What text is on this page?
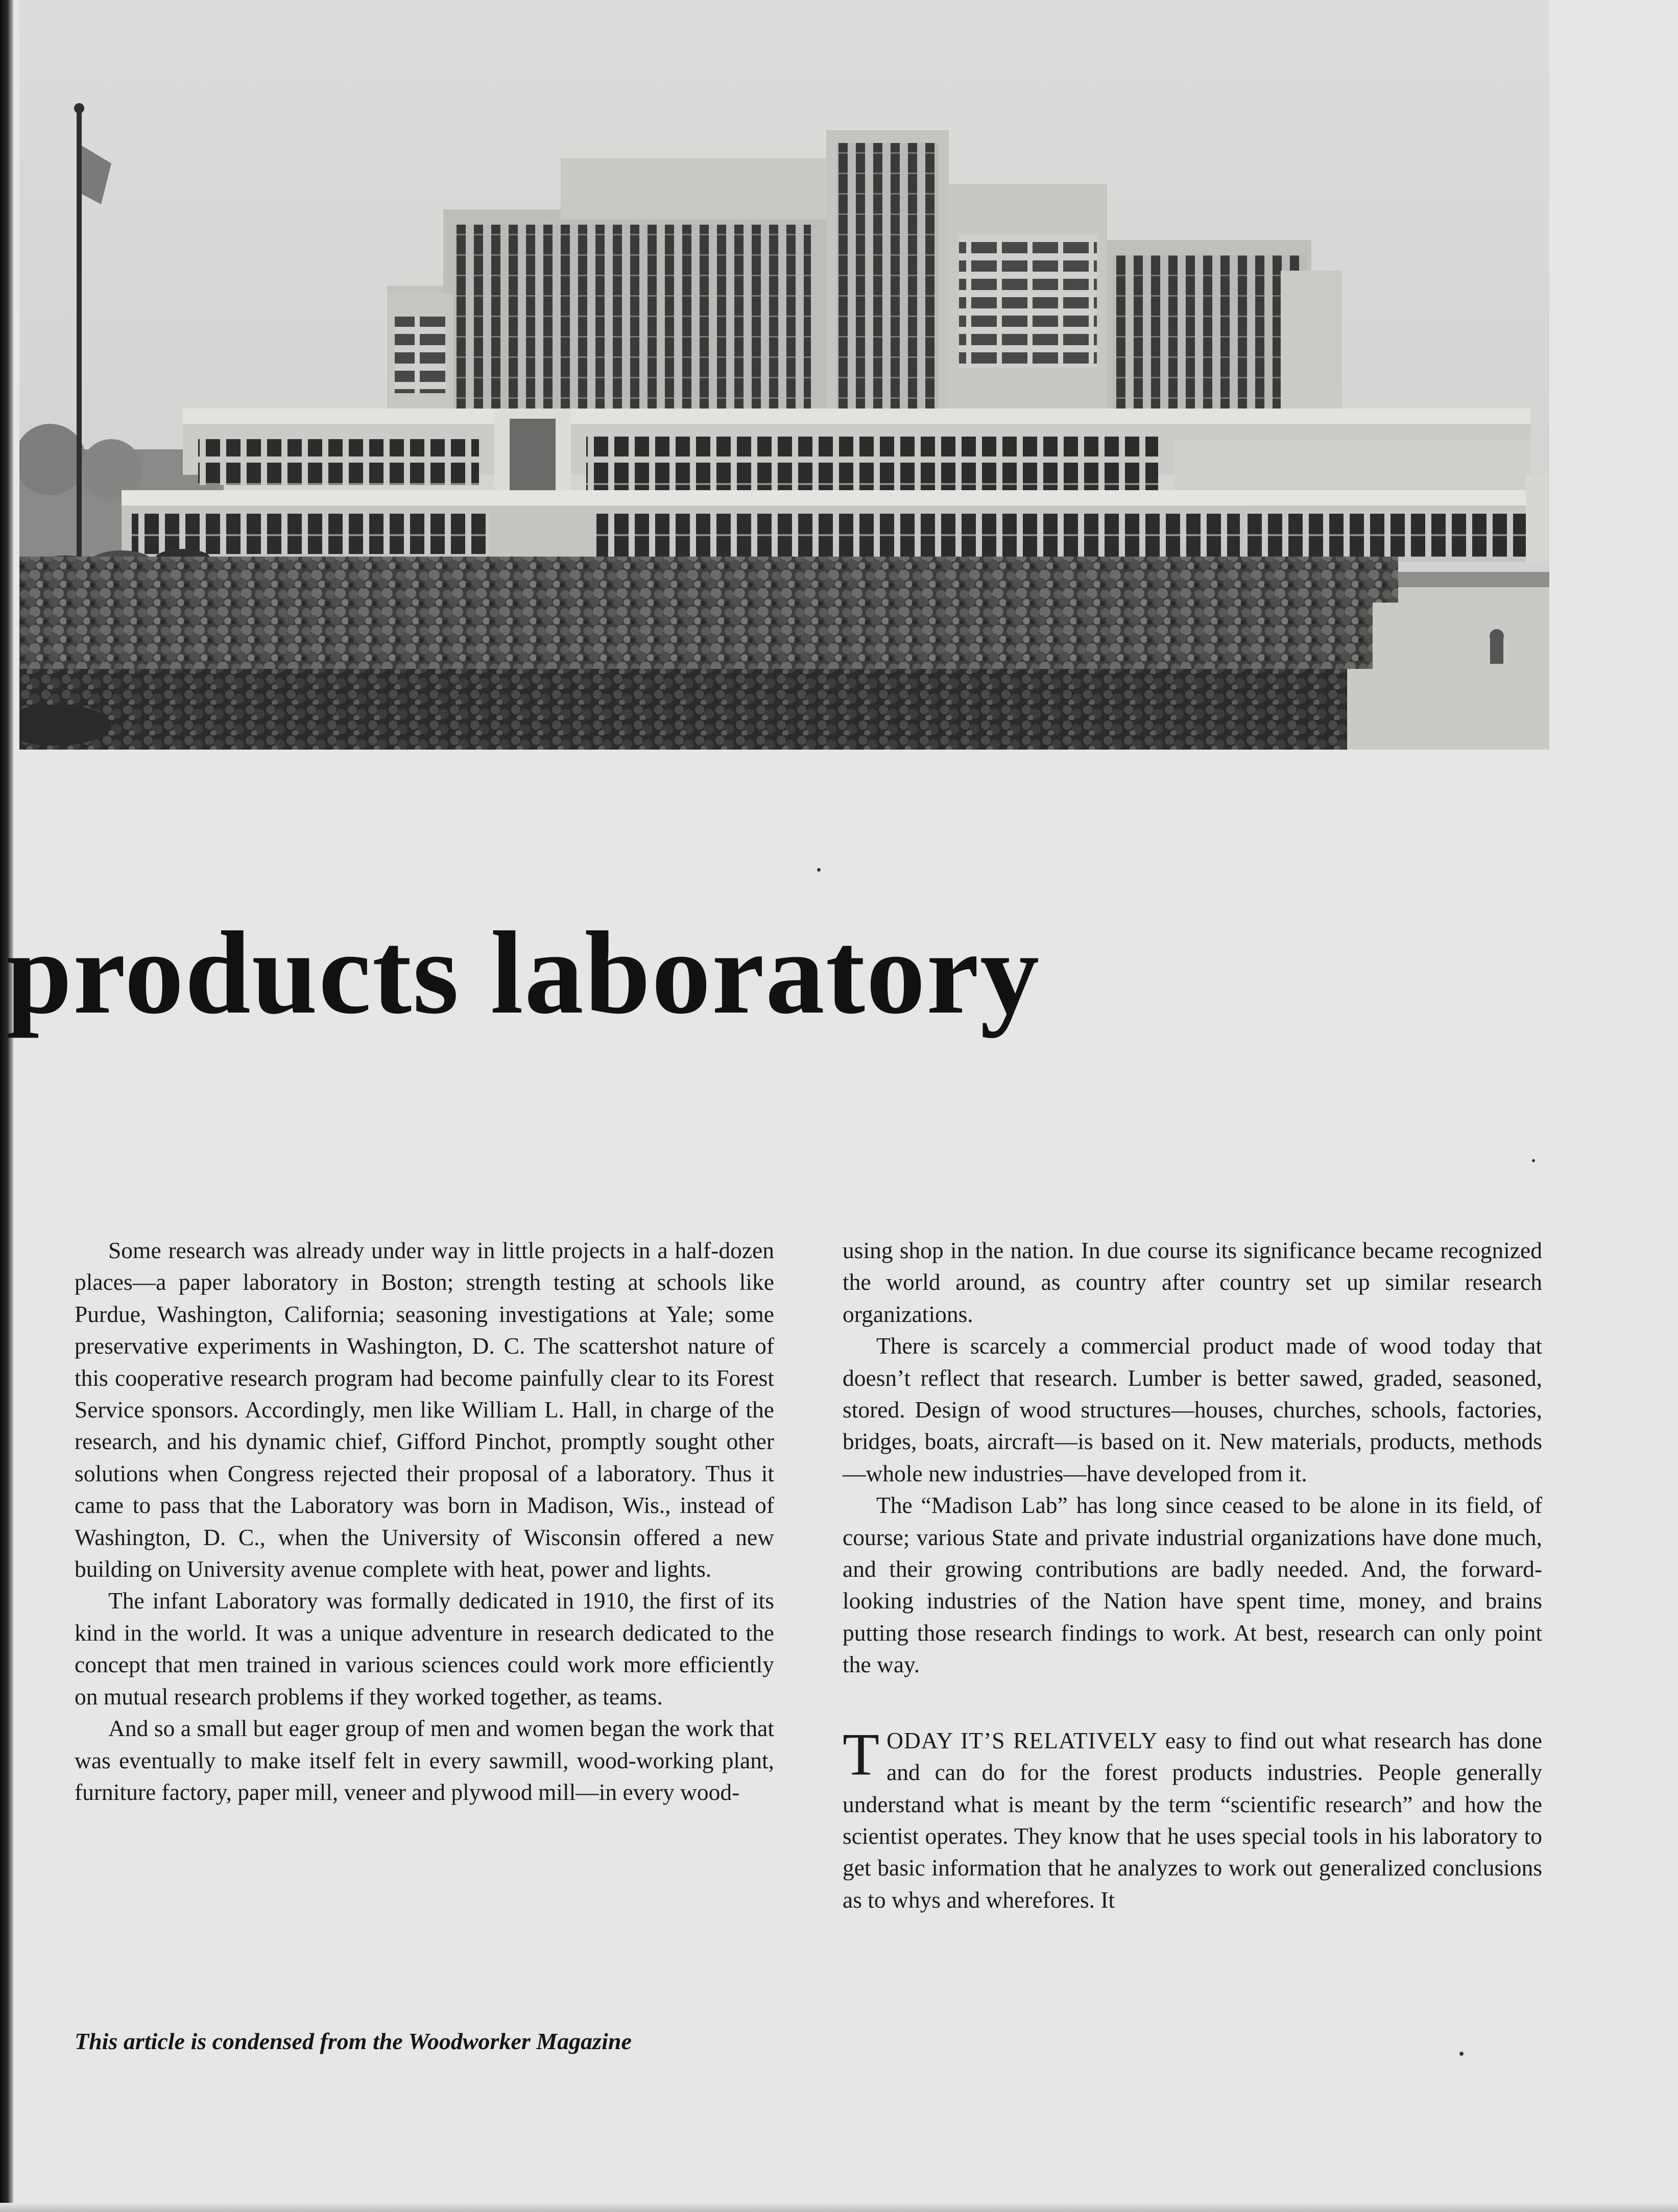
products laboratory

Some research was already under way in little projects in a half-dozen places—a paper laboratory in Boston; strength testing at schools like Purdue, Washington, California; seasoning investigations at Yale; some preservative experiments in Washington, D. C. The scattershot nature of this cooperative research program had become painfully clear to its Forest Service sponsors. Accordingly, men like William L. Hall, in charge of the research, and his dynamic chief, Gifford Pinchot, promptly sought other solutions when Congress rejected their proposal of a laboratory. Thus it came to pass that the Laboratory was born in Madison, Wis., instead of Washington, D. C., when the University of Wisconsin offered a new building on University avenue complete with heat, power and lights.

The infant Laboratory was formally dedicated in 1910, the first of its kind in the world. It was a unique adventure in research dedicated to the concept that men trained in various sciences could work more efficiently on mutual research problems if they worked together, as teams.

And so a small but eager group of men and women began the work that was eventually to make itself felt in every sawmill, wood-working plant, furniture factory, paper mill, veneer and plywood mill—in every wood-

using shop in the nation. In due course its significance became recognized the world around, as country after country set up similar research organizations.

There is scarcely a commercial product made of wood today that doesn’t reflect that research. Lumber is better sawed, graded, seasoned, stored. Design of wood structures—houses, churches, schools, factories, bridges, boats, aircraft—is based on it. New materials, products, methods —whole new industries—have developed from it.

The “Madison Lab” has long since ceased to be alone in its field, of course; various State and private industrial organizations have done much, and their growing contributions are badly needed. And, the forward-looking industries of the Nation have spent time, money, and brains putting those research findings to work. At best, research can only point the way.

TODAY IT’S RELATIVELY easy to find out what research has done and can do for the forest products industries. People generally understand what is meant by the term “scientific research” and how the scientist operates. They know that he uses special tools in his laboratory to get basic information that he analyzes to work out generalized conclusions as to whys and wherefores. It

This article is condensed from the Woodworker Magazine
